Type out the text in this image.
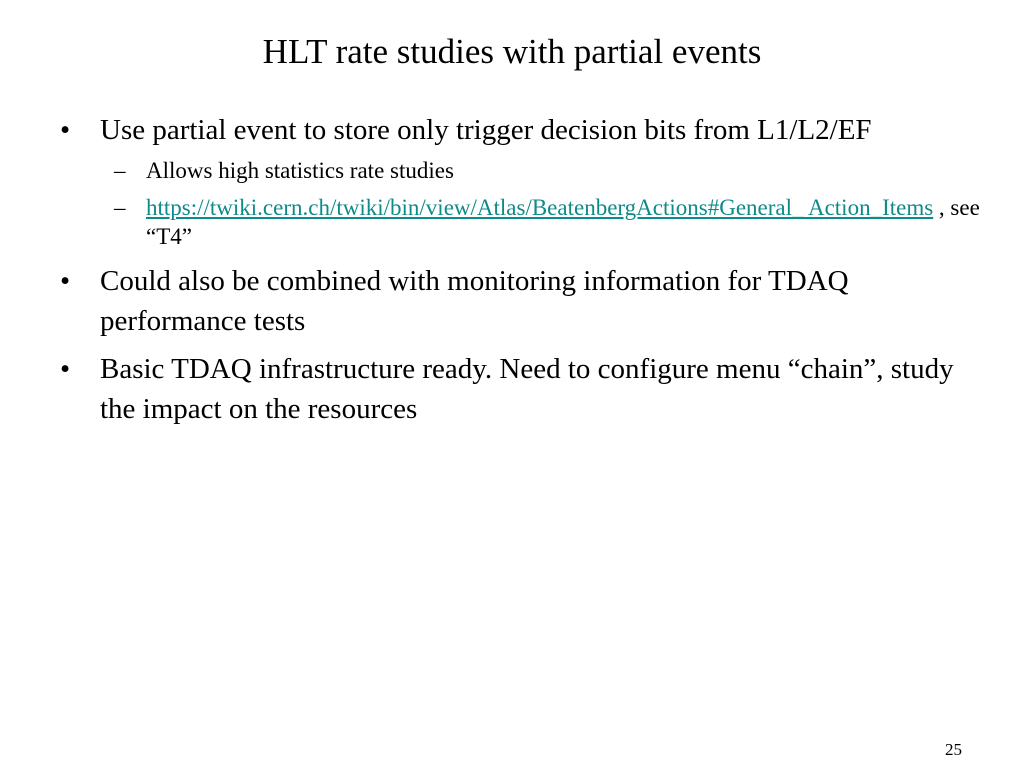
HLT rate studies with partial events
•	Use partial event to store only trigger decision bits from L1/L2/EF
– Allows high statistics rate studies
– https://twiki.cern.ch/twiki/bin/view/Atlas/BeatenbergActions#General_ Action_Items , see “T4”
•	Could also be combined with monitoring information for TDAQ performance tests
•	Basic TDAQ infrastructure ready. Need to configure menu “chain”, study the impact on the resources
25
